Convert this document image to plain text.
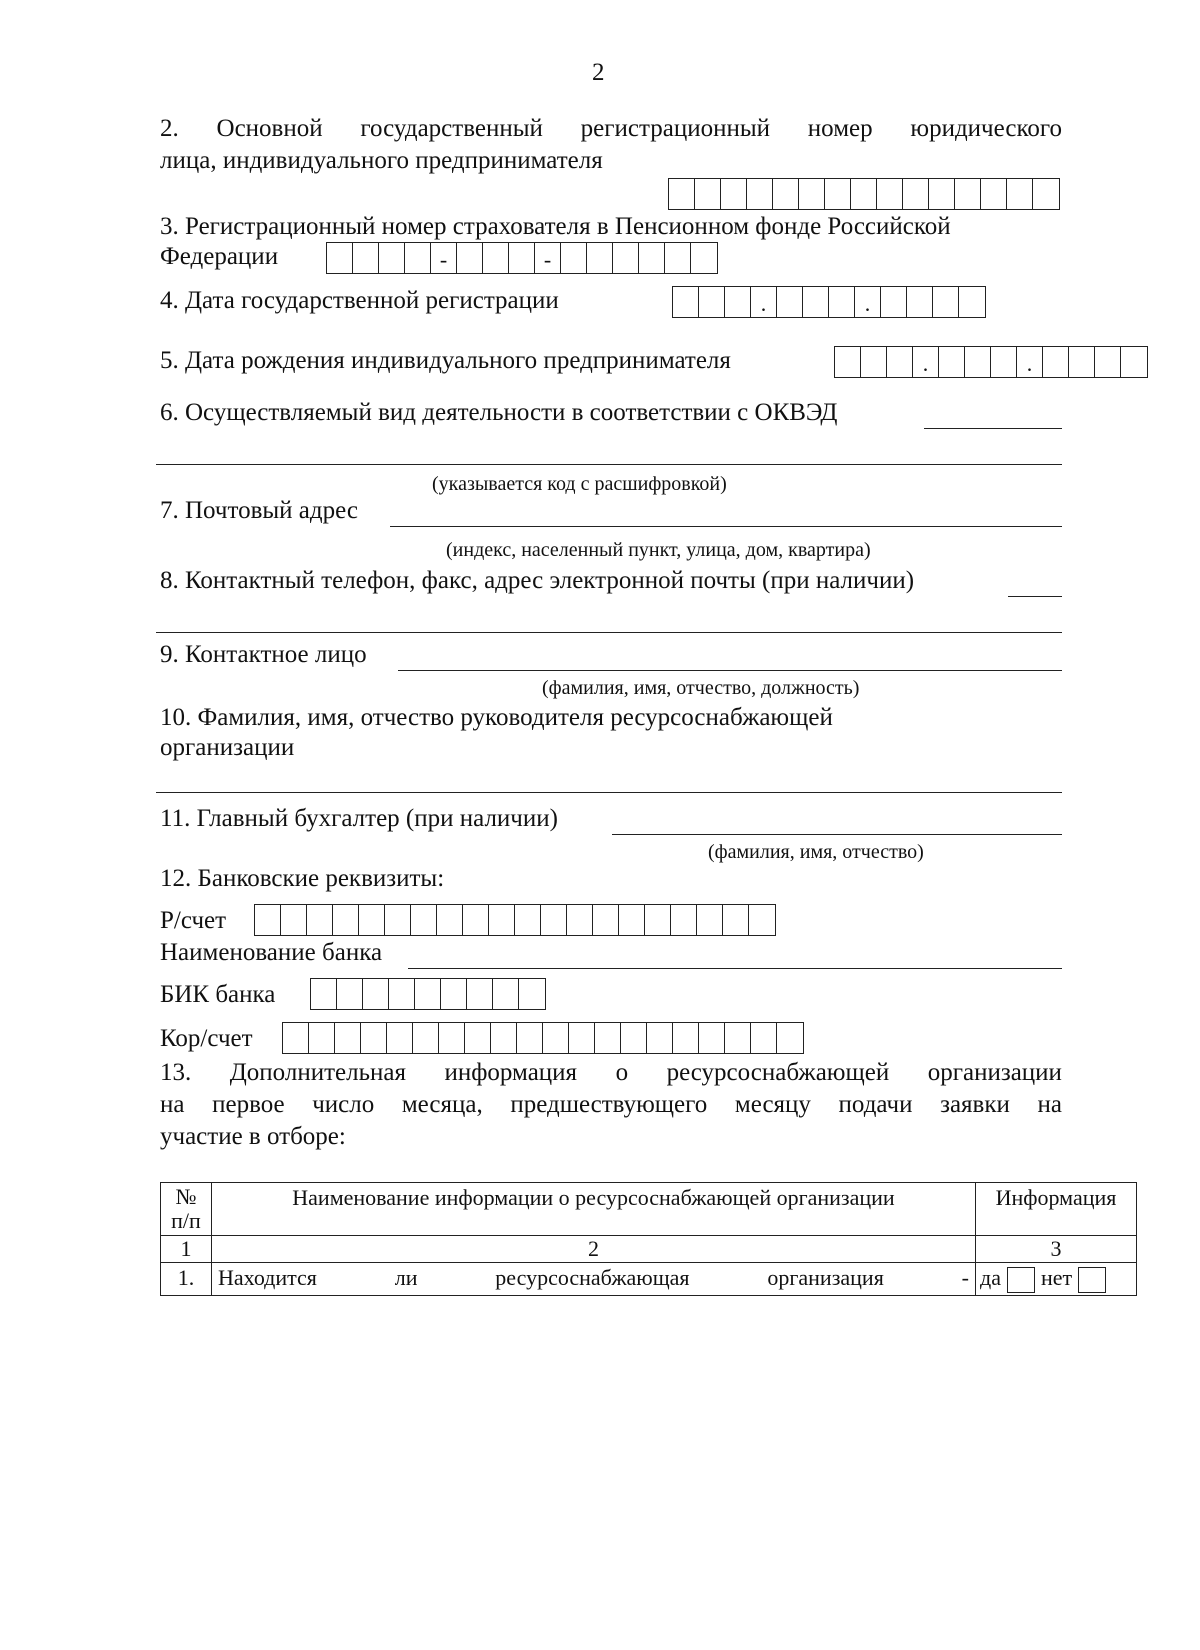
2
2. Основной государственный регистрационный номер юридического
лица, индивидуального предпринимателя
3. Регистрационный номер страхователя в Пенсионном фонде Российской
Федерации	-	-
4. Дата государственной регистрации	.	.
5. Дата рождения индивидуального предпринимателя	.	.
6. Осуществляемый вид деятельности в соответствии с ОКВЭД
(указывается код с расшифровкой)
7. Почтовый адрес
(индекс, населенный пункт, улица, дом, квартира)
8. Контактный телефон, факс, адрес электронной почты (при наличии)
9. Контактное лицо
(фамилия, имя, отчество, должность)
10. Фамилия, имя, отчество руководителя ресурсоснабжающей
организации
11. Главный бухгалтер (при наличии)
(фамилия, имя, отчество)
12. Банковские реквизиты:
Р/счет
Наименование банка
БИК банка
Кор/счет
13. Дополнительная информация о ресурсоснабжающей организации
на первое число месяца, предшествующего месяцу подачи заявки на
участие в отборе:
№ п/п	Наименование информации о ресурсоснабжающей организации	Информация
1	2	3
1.	Находится ли ресурсоснабжающая организация -	да нет
